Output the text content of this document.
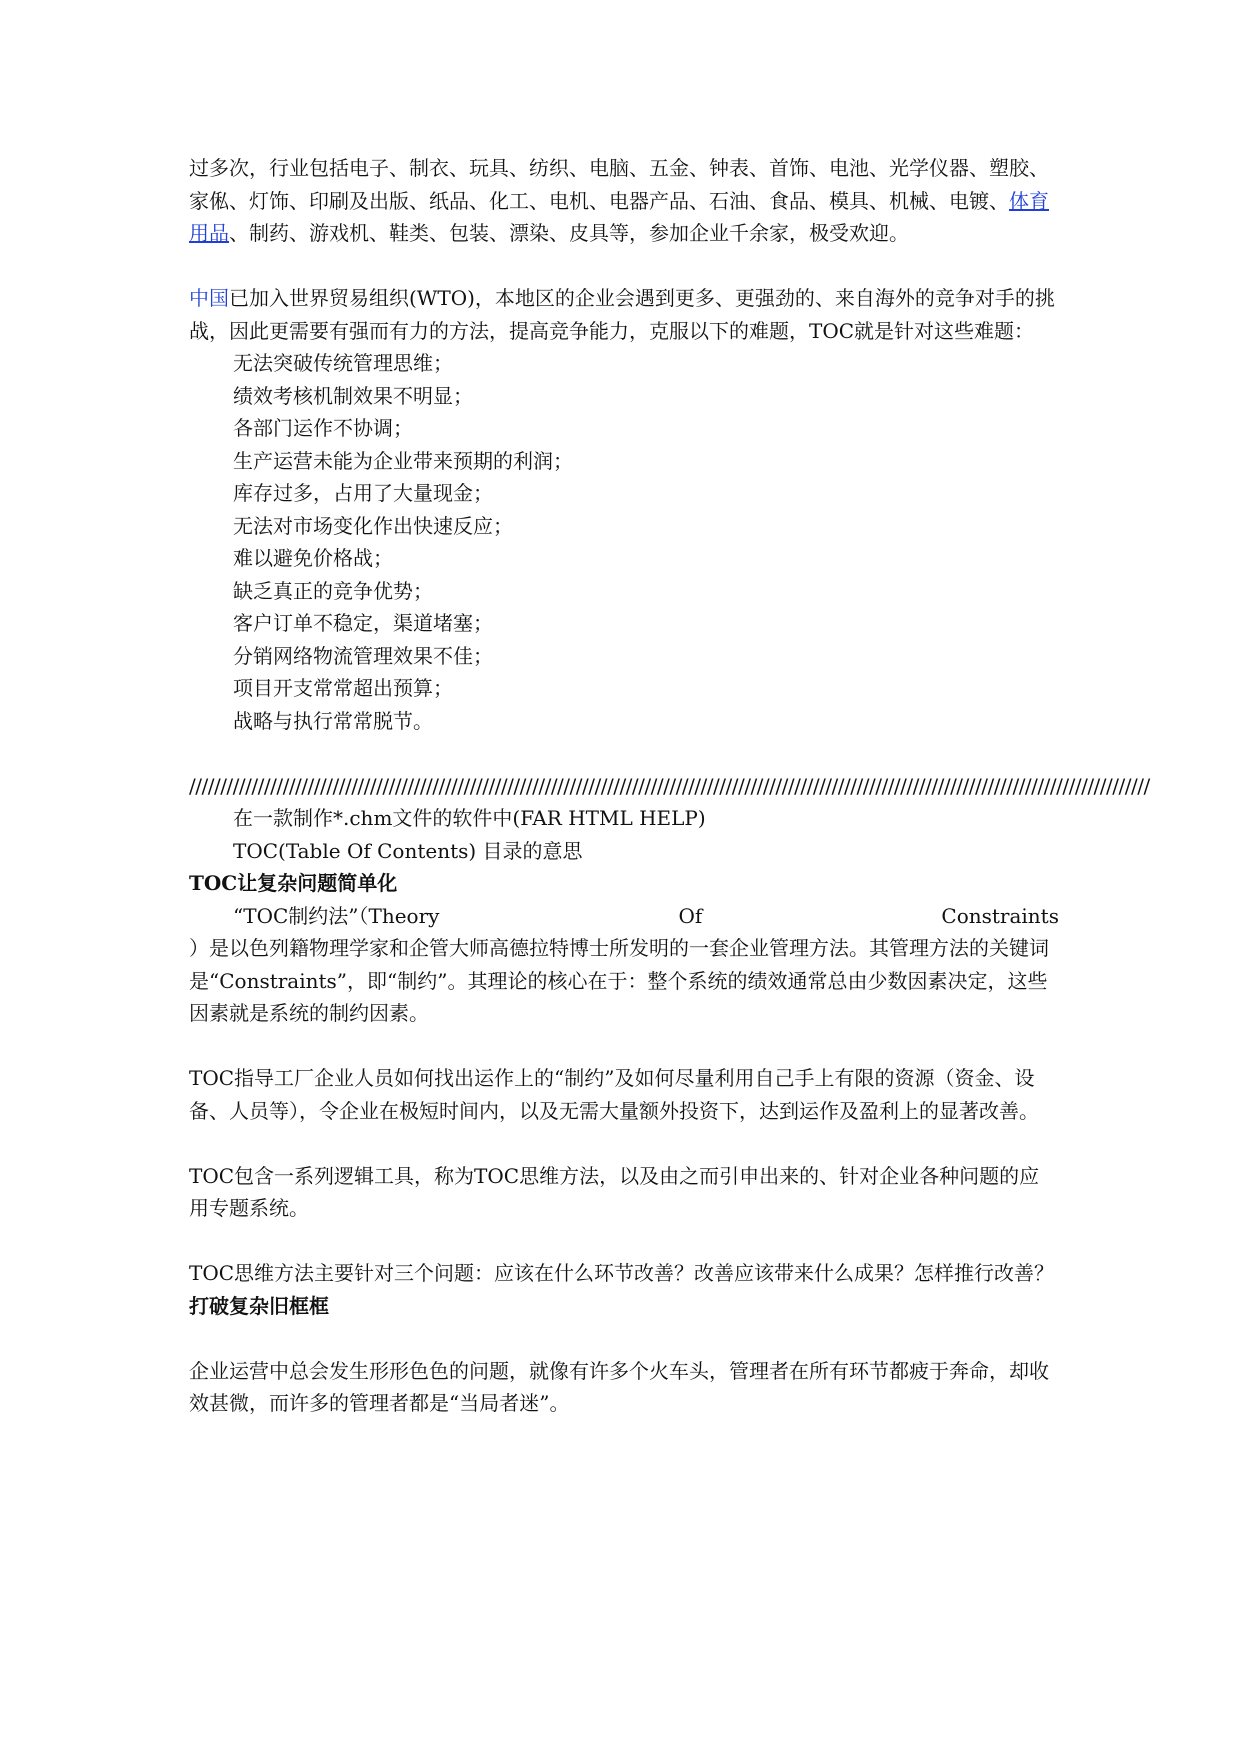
过多次，行业包括电子、制衣、玩具、纺织、电脑、五金、钟表、首饰、电池、光学仪器、塑胶、家俬、灯饰、印刷及出版、纸品、化工、电机、电器产品、石油、食品、模具、机械、电镀、体育用品、制药、游戏机、鞋类、包装、漂染、皮具等，参加企业千余家，极受欢迎。

中国已加入世界贸易组织(WTO)，本地区的企业会遇到更多、更强劲的、来自海外的竞争对手的挑战，因此更需要有强而有力的方法，提高竞争能力，克服以下的难题，TOC就是针对这些难题：

无法突破传统管理思维；
绩效考核机制效果不明显；
各部门运作不协调；
生产运营未能为企业带来预期的利润；
库存过多，占用了大量现金；
无法对市场变化作出快速反应；
难以避免价格战；
缺乏真正的竞争优势；
客户订单不稳定，渠道堵塞；
分销网络物流管理效果不佳；
项目开支常常超出预算；
战略与执行常常脱节。

//////////////////////////////////////////////////////////////////////////////////////////////////////////////////////////////////////////////////////////

在一款制作*.chm文件的软件中(FAR HTML HELP)

TOC(Table Of Contents) 目录的意思

TOC让复杂问题简单化

“TOC制约法”（Theory	Of	Constraints

）是以色列籍物理学家和企管大师高德拉特博士所发明的一套企业管理方法。其管理方法的关键词是“Constraints”，即“制约”。其理论的核心在于：整个系统的绩效通常总由少数因素决定，这些因素就是系统的制约因素。

TOC指导工厂企业人员如何找出运作上的“制约”及如何尽量利用自己手上有限的资源（资金、设备、人员等），令企业在极短时间内，以及无需大量额外投资下，达到运作及盈利上的显著改善。

TOC包含一系列逻辑工具，称为TOC思维方法，以及由之而引申出来的、针对企业各种问题的应用专题系统。

TOC思维方法主要针对三个问题：应该在什么环节改善？改善应该带来什么成果？怎样推行改善？

打破复杂旧框框

企业运营中总会发生形形色色的问题，就像有许多个火车头，管理者在所有环节都疲于奔命，却收效甚微，而许多的管理者都是“当局者迷”。
